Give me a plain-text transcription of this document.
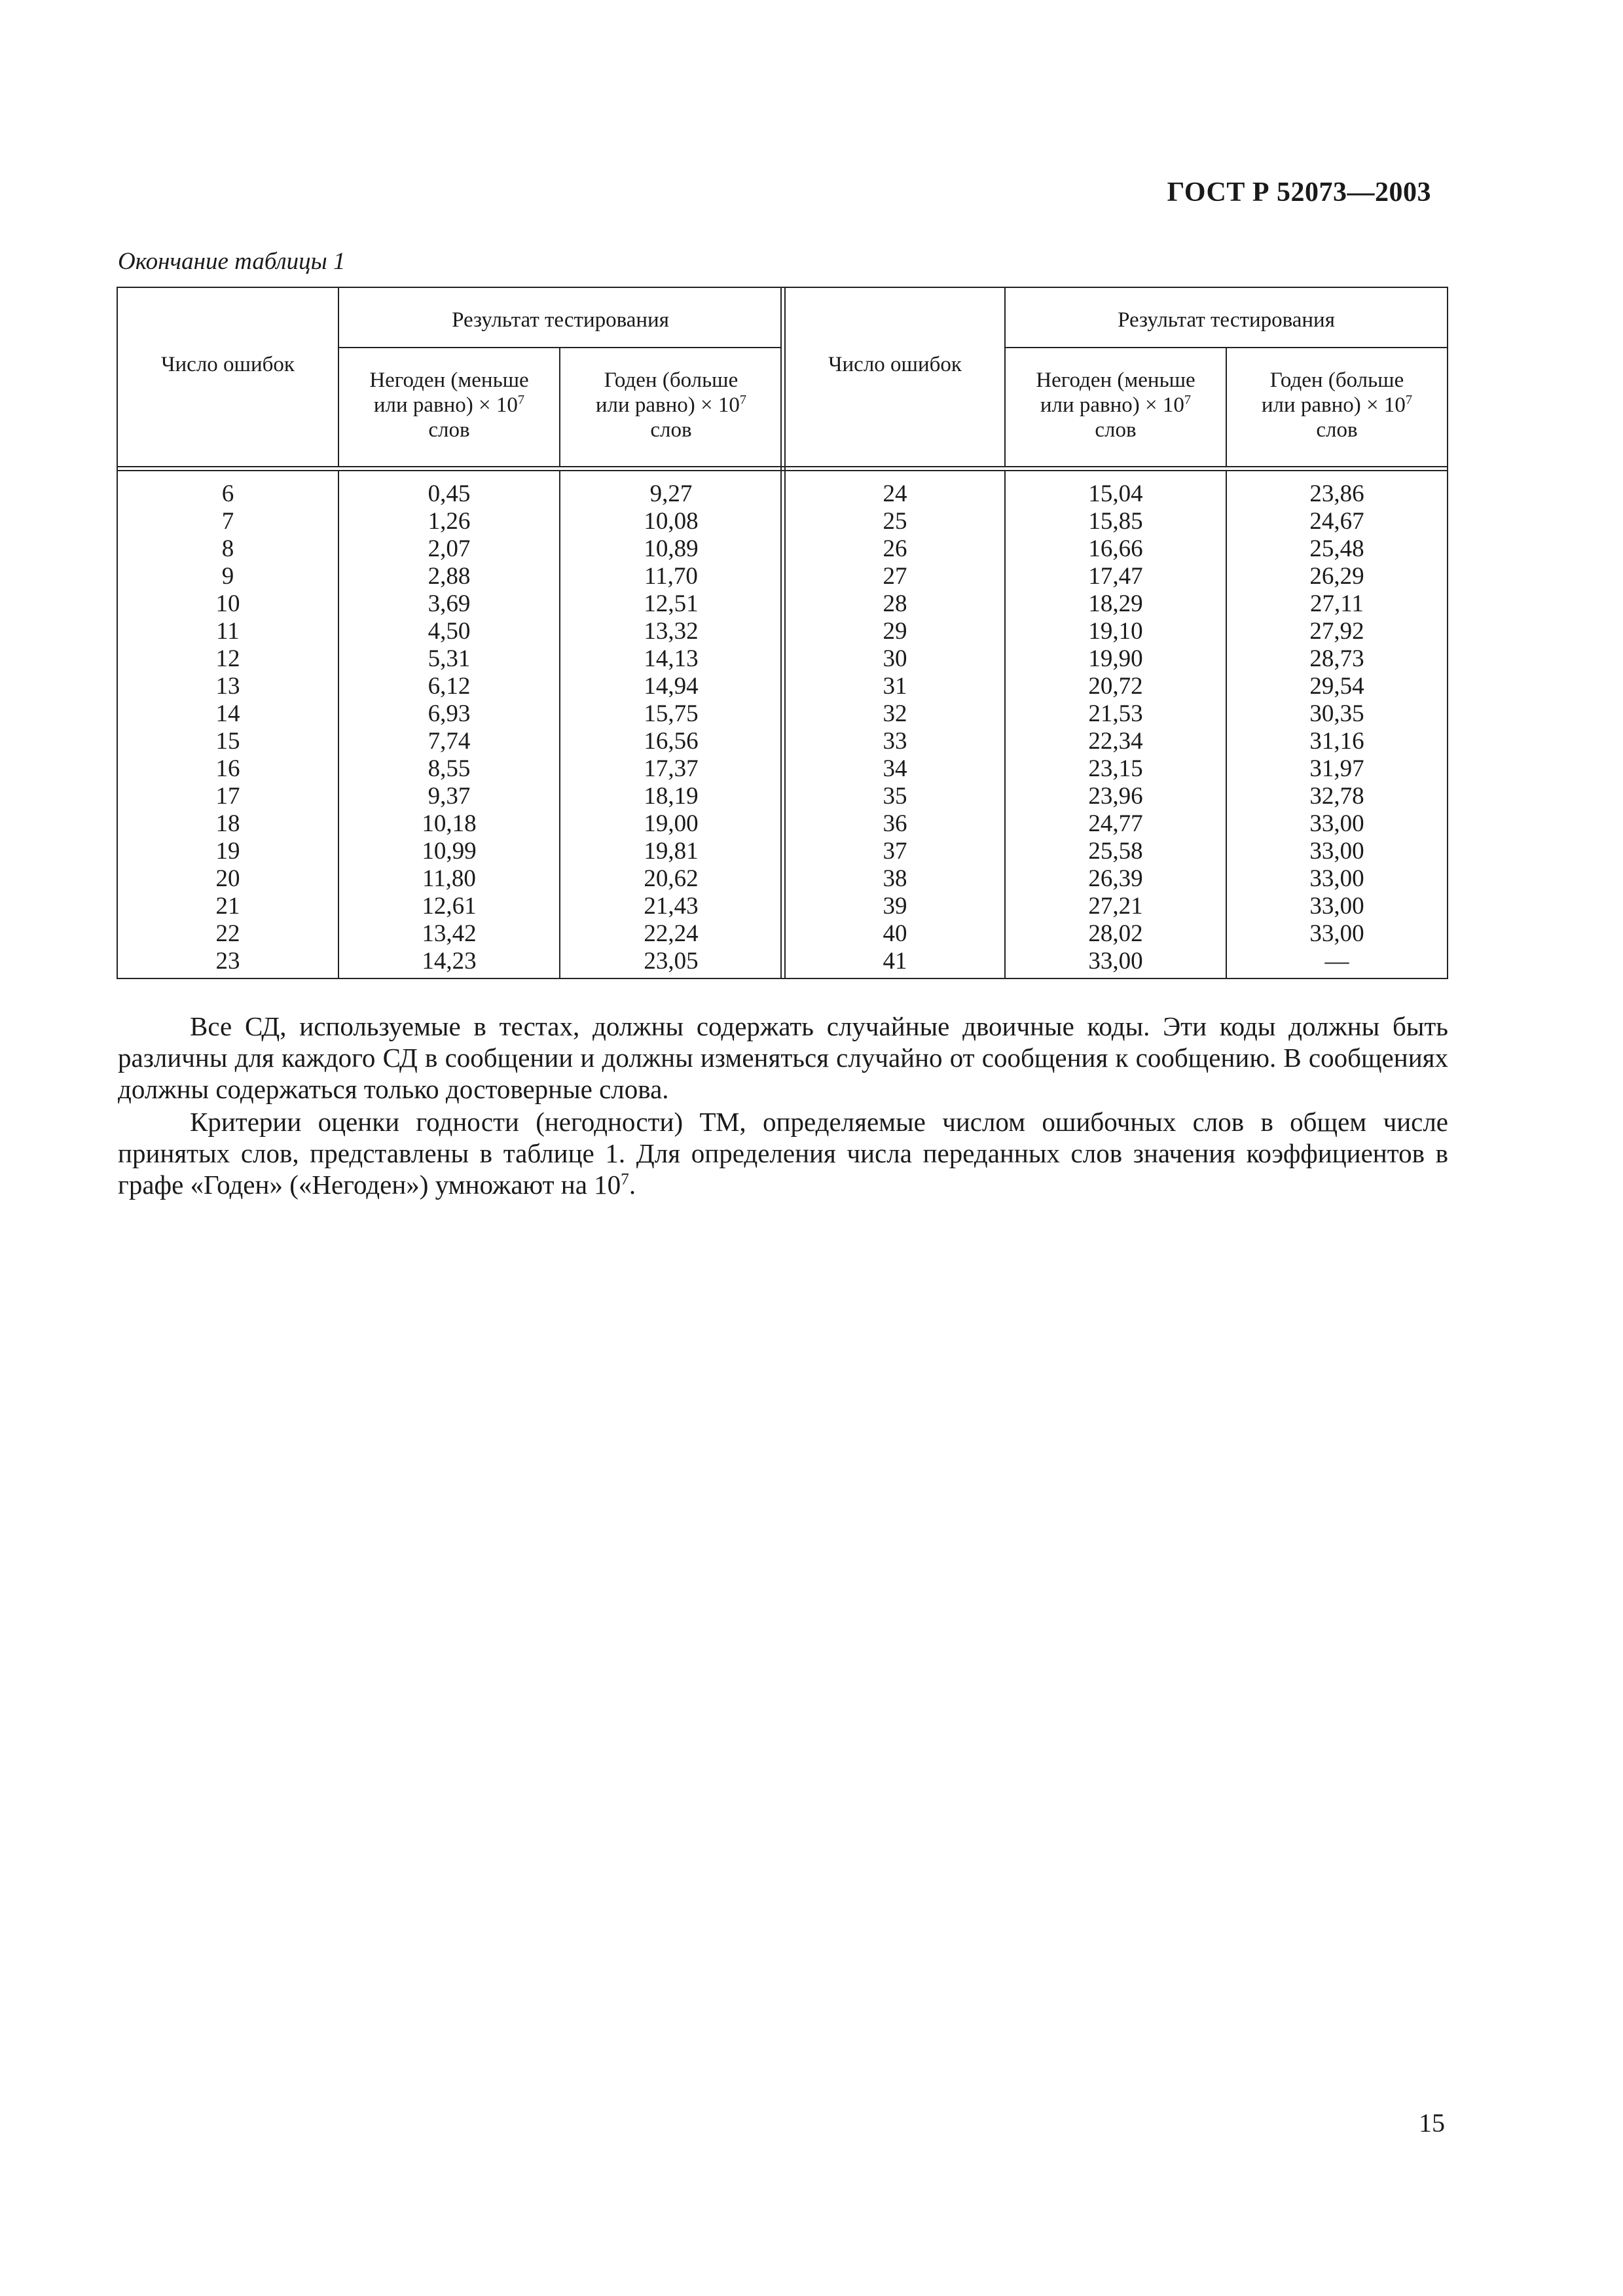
ГОСТ Р 52073—2003
Окончание таблицы 1
Число ошибок
Результат тестирования
Негоден (меньше
или равно) × $10^7$
слов
Годен (больше
или равно) × $10^7$
слов
6
7
8
9
10
11
12
13
14
15
16
17
18
19
20
21
22
23
0,45
1,26
2,07
2,88
3,69
4,50
5,31
6,12
6,93
7,74
8,55
9,37
10,18
10,99
11,80
12,61
13,42
14,23
9,27
10,08
10,89
11,70
12,51
13,32
14,13
14,94
15,75
16,56
17,37
18,19
19,00
19,81
20,62
21,43
22,24
23,05
Число ошибок
Результат тестирования
Негоден (меньше
или равно) × $10^7$
слов
Годен (больше
или равно) × $10^7$
слов
24
25
26
27
28
29
30
31
32
33
34
35
36
37
38
39
40
41
15,04
15,85
16,66
17,47
18,29
19,10
19,90
20,72
21,53
22,34
23,15
23,96
24,77
25,58
26,39
27,21
28,02
33,00
23,86
24,67
25,48
26,29
27,11
27,92
28,73
29,54
30,35
31,16
31,97
32,78
33,00
33,00
33,00
33,00
33,00
—
Все СД, используемые в тестах, должны содержать случайные двоичные коды. Эти коды должны быть различны для каждого СД в сообщении и должны изменяться случайно от сообщения к сообщению. В сообщениях должны содержаться только достоверные слова.
Критерии оценки годности (негодности) ТМ, определяемые числом ошибочных слов в общем числе принятых слов, представлены в таблице 1. Для определения числа переданных слов значения коэффициентов в графе «Годен» («Негоден») умножают на $10^7$.
15
